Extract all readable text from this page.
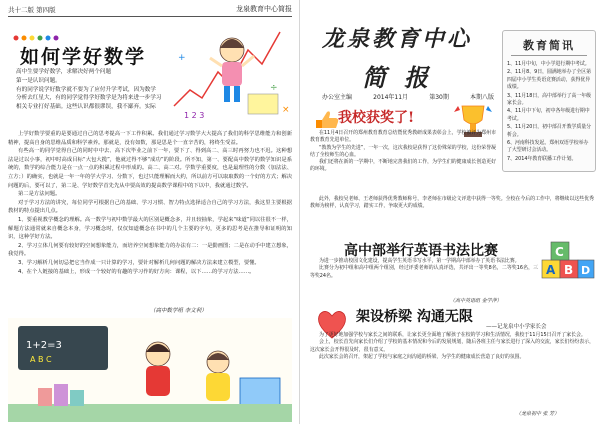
共十二版 第四版	龙泉教育中心简报
如何学好数学	+
÷
×
1 2 3
高中生要学好数学，求解决好两个问题
第一是认识问题。
有的同学说学好数学就不要为了应付升学考试，因为数学
分析去红星大，有的同学觉得学好数学是为将来进一步学习
相关专业打好基础。这些认识都很谬误，我不鄙弃。实际

上学好数学要重的是要通过自己的思考提高一下工作积累。我们通过学习数学大大提高了我们的科学思维能力和创新精神，提高自身的思维品质和科学素养。那就是，没有如数，那是思是个一直辛苦的，将终生受益。

有些高一的同学觉得自己的同时中中去、高下次毕业之前下一年，要下了、得到高二、高三时再努力也不迟。这种想法是过以小事，初中时高成目标“大包大揽”，他就过得不够“成功”的阶段。所不知，第一、要配高中数学的数学知识是系统的，数学的综合能力是在一点一点的积累过程中形成的。高二、高二对。学数学重要度，也是最理性的分数（加法法、立方；）的确实，也就是一年一年的学大学习、分数下，也过只能理解而大约，所以前方可以取取数的一个好的方式；解决问题的后，要可以了，第二是、学好数学首先先从中要高效的提高数学课程中的下以中，我就通过数学。

第二是方法问题。

对于学习方法的讲究，每位同学可根据自己的基础、学习习惯、智力特点选择适合自己的学习方法，我这里主要根据教材的特点提出几点。

1、要重视教学概念的理解。高一数学与初中数学最大的区别是概念多，并且较抽象，学起来“味道”同以往很不一样，解题方法通常就来自概念本身，学习概念时，仅仅知道概念在书中的几个主要的字句，更多的思考是在推导和证明的知识，这种学好方法。

2、学习立体几何要有较好的空间想象能力，而培养空间想象能力的办法有二：一是勤画图；二是在动手中建立想象，我觉得。

3、学习解析几何切忌把它当作成一只计算的学习，要针对解析几何问题的解决方法来建立模型，要懂。

4、在个人链接的基础上，形成一个较好的有趣的学习作的好方向：课程，以下……的学习方法……。

（高中数学组 李文利）
1+2=3
A B C
龙泉教育中心
简报
办公室主编	2014年11月	第30期	本期八版
教育简讯
1、11月中旬，中小学进行期中考试。
2、11月8、9日，圆满地举办了全区第四届中小学生英语竞赛活动，获得优异成绩。
3、11月18日，高中部举行了高一年级家长会。
4、11月中下旬，初中各年级进行期中考试。
5、11月20日，初中部召开教学质量分析会。
6、河南科技发起。郑州双语学校举办了大型研讨会活动。
7、2014年教育联播工作计划。
我校获奖了!

在11月4日召开的郑州教育教育总结暨优秀教研成果表彰会上，学校被评为郑州市教育教育先进单位。

“教教为学生的先进”，一年一次，这次我校是获得了这份殊荣的学校，这份荣誉凝结了全校师生的心血。

我们还将在新的一学期中，不断地完善我们的工作，为学生们的健康成长创造更好的环境。

此外，我校吴老师、王老师获得优秀教师称号，李老师在市级论文评选中获得一等奖。全校在今后的工作中，将继续以这些优秀教师为榜样，认真学习，踏实工作，争取更大的成绩。

高中部举行英语书法比赛
A B
C
D

为进一步推动校园文化建设，提高学生英语书写水平，第一学期高中部举办了英语书法比赛。

比赛分为初中组和高中组两个组别，经过评委老师的认真评选，共评出一等奖8名，二等奖16名，三等奖24名。

（高中英语组 金学萍）
架设桥梁 沟通无限
——记龙泉中小学家长会

为了更好地加强学校与家长之间的联系，让家长更全面地了解孩子在校的学习和生活情况，我校于11月15日召开了家长会。

会上，校长首先向家长们介绍了学校的基本情况和今后的发展规划，随后各班主任与家长进行了深入的交流，家长们纷纷表示，这次家长会开得很及时，很有意义。

此次家长会的召开，架起了学校与家庭之间沟通的桥梁，为学生的健康成长营造了良好的氛围。

（龙泉初中 张 芳）
